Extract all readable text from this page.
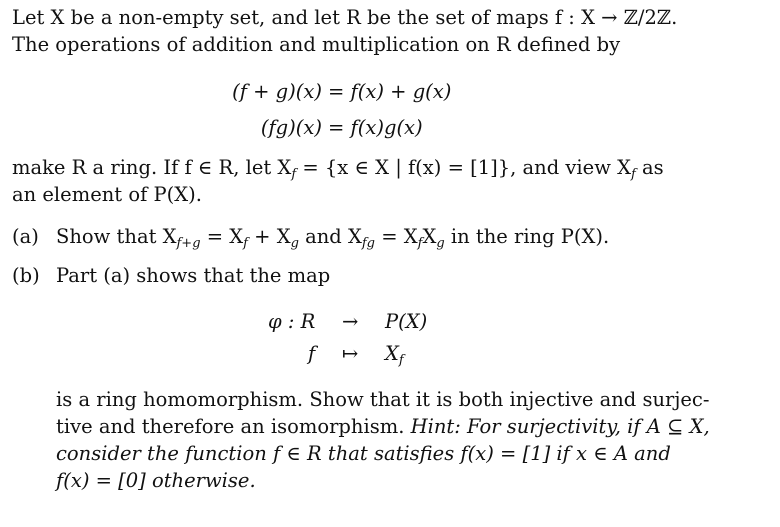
Let X be a non-empty set, and let R be the set of maps f : X → ℤ/2ℤ.
The operations of addition and multiplication on R defined by
(f + g)(x) = f(x) + g(x)
(fg)(x) = f(x)g(x)
make R a ring. If f ∈ R, let $X_f = \{x$ ∈ X | f(x) = [1]}, and view $X_f$ as
an element of P(X).
(a) Show that $X_{f+g} = X_f + X_g$ and $X_{fg} = X_fX_g$ in the ring P(X).
(b) Part (a) shows that the map
φ : R → P(X)
f ↦ $X_f$
is a ring homomorphism. Show that it is both injective and surjec-
tive and therefore an isomorphism. Hint: For surjectivity, if A ⊆ X,
consider the function f ∈ R that satisfies f(x) = [1] if x ∈ A and
f(x) = [0] otherwise.
